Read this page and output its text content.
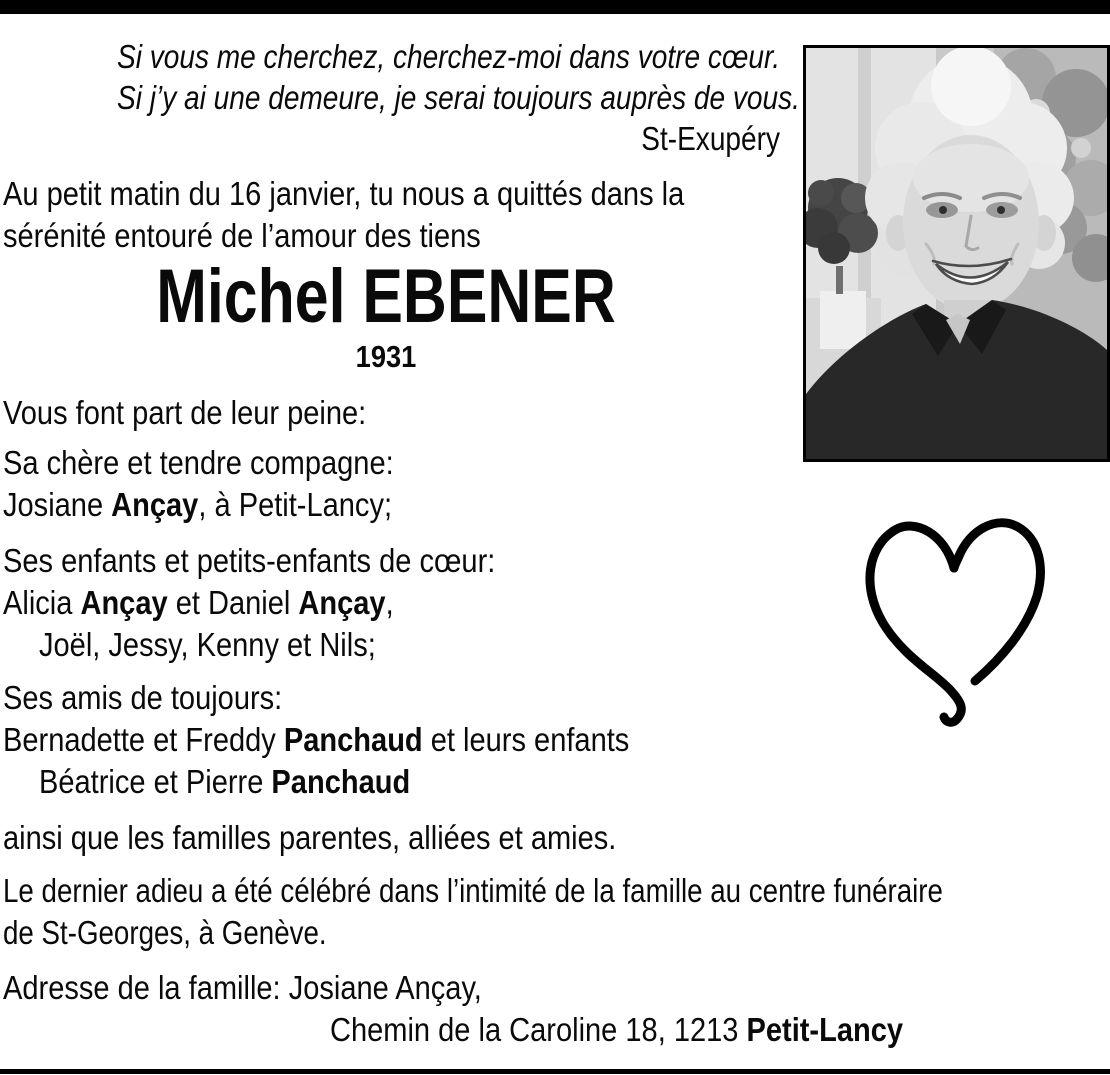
Si vous me cherchez, cherchez-moi dans votre cœur.
Si j’y ai une demeure, je serai toujours auprès de vous.
St-Exupéry
Au petit matin du 16 janvier, tu nous a quittés dans la
sérénité entouré de l’amour des tiens
Michel EBENER
1931
Vous font part de leur peine:
Sa chère et tendre compagne:
Josiane Ançay, à Petit-Lancy;
Ses enfants et petits-enfants de cœur:
Alicia Ançay et Daniel Ançay,
Joël, Jessy, Kenny et Nils;
Ses amis de toujours:
Bernadette et Freddy Panchaud et leurs enfants
Béatrice et Pierre Panchaud
ainsi que les familles parentes, alliées et amies.
Le dernier adieu a été célébré dans l’intimité de la famille au centre funéraire
de St-Georges, à Genève.
Adresse de la famille: Josiane Ançay,
Chemin de la Caroline 18, 1213 Petit-Lancy
